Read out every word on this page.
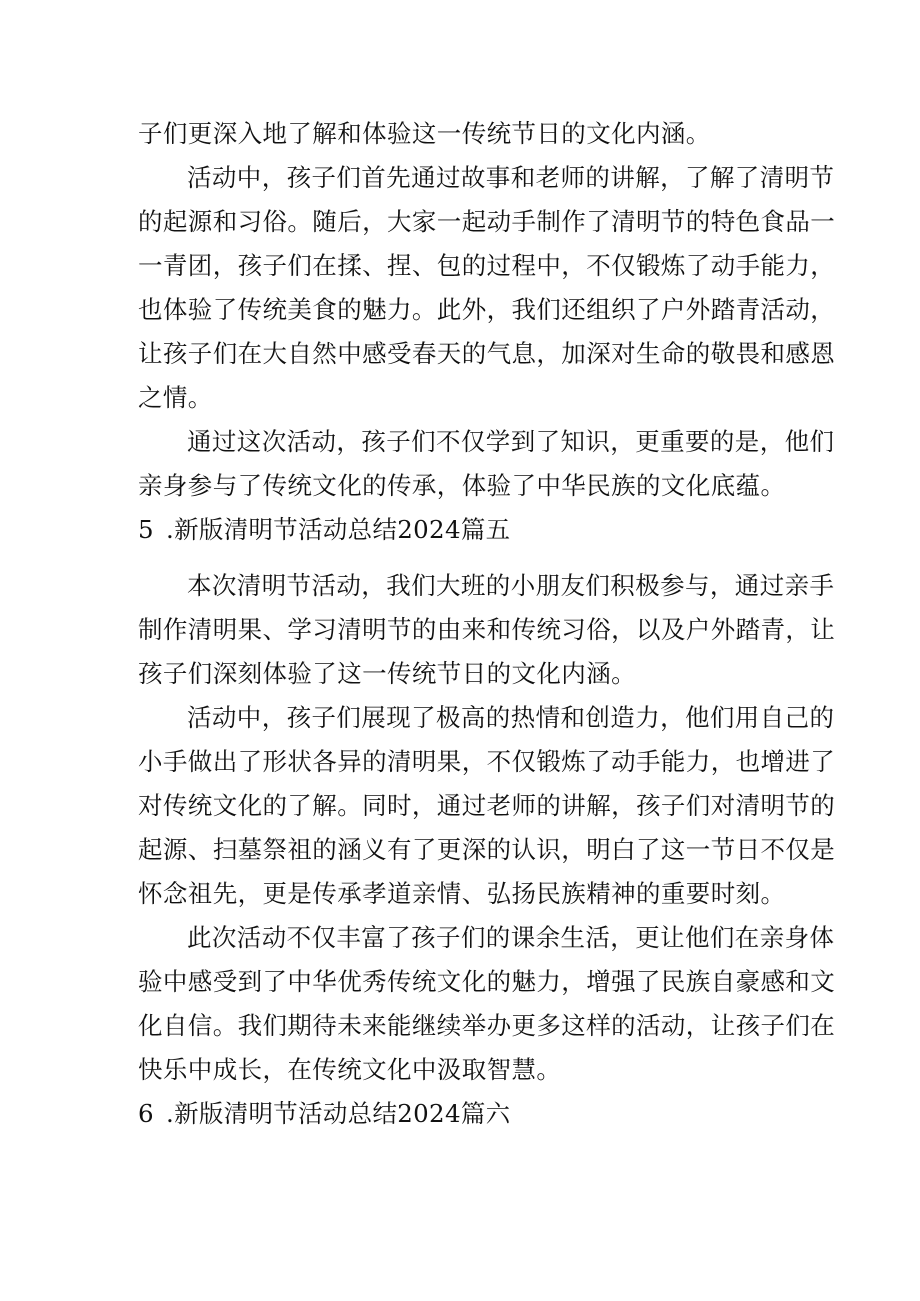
子们更深入地了解和体验这一传统节日的文化内涵。
活动中，孩子们首先通过故事和老师的讲解，了解了清明节
的起源和习俗。随后，大家一起动手制作了清明节的特色食品一
一青团，孩子们在揉、捏、包的过程中，不仅锻炼了动手能力，
也体验了传统美食的魅力。此外，我们还组织了户外踏青活动，
让孩子们在大自然中感受春天的气息，加深对生命的敬畏和感恩
之情。
通过这次活动，孩子们不仅学到了知识，更重要的是，他们
亲身参与了传统文化的传承，体验了中华民族的文化底蕴。
5 .新版清明节活动总结2024篇五
本次清明节活动，我们大班的小朋友们积极参与，通过亲手
制作清明果、学习清明节的由来和传统习俗，以及户外踏青，让
孩子们深刻体验了这一传统节日的文化内涵。
活动中，孩子们展现了极高的热情和创造力，他们用自己的
小手做出了形状各异的清明果，不仅锻炼了动手能力，也增进了
对传统文化的了解。同时，通过老师的讲解，孩子们对清明节的
起源、扫墓祭祖的涵义有了更深的认识，明白了这一节日不仅是
怀念祖先，更是传承孝道亲情、弘扬民族精神的重要时刻。
此次活动不仅丰富了孩子们的课余生活，更让他们在亲身体
验中感受到了中华优秀传统文化的魅力，增强了民族自豪感和文
化自信。我们期待未来能继续举办更多这样的活动，让孩子们在
快乐中成长，在传统文化中汲取智慧。
6 .新版清明节活动总结2024篇六
